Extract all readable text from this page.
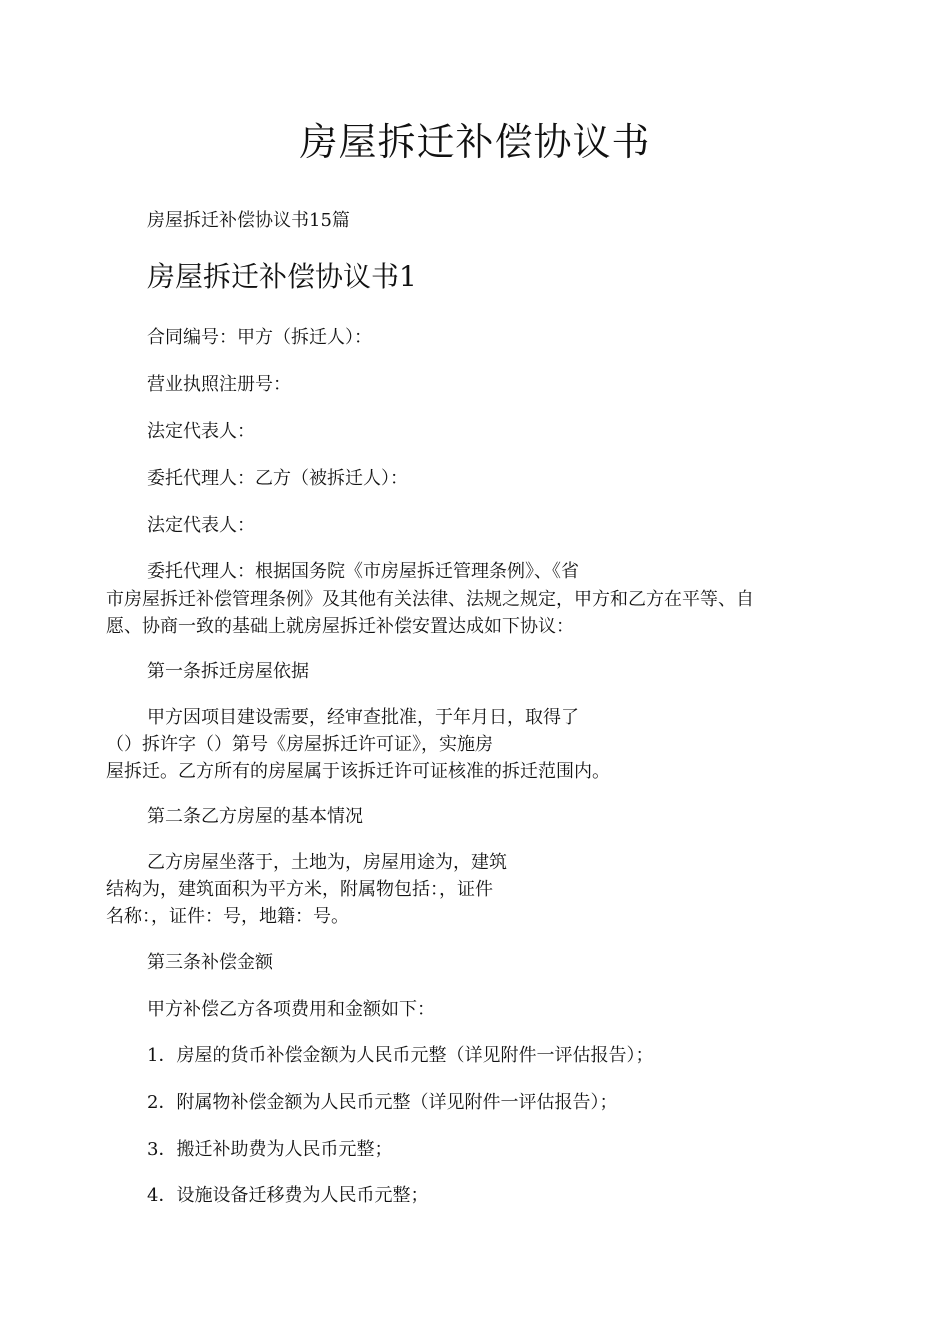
房屋拆迁补偿协议书
房屋拆迁补偿协议书15篇
房屋拆迁补偿协议书1
合同编号：甲方（拆迁人）：
营业执照注册号：
法定代表人：
委托代理人：乙方（被拆迁人）：
法定代表人：
委托代理人：根据国务院《市房屋拆迁管理条例》、《省
市房屋拆迁补偿管理条例》及其他有关法律、法规之规定，甲方和乙方在平等、自
愿、协商一致的基础上就房屋拆迁补偿安置达成如下协议：
第一条拆迁房屋依据
甲方因项目建设需要，经审查批准，于年月日，取得了
（）拆许字（）第号《房屋拆迁许可证》，实施房
屋拆迁。乙方所有的房屋属于该拆迁许可证核准的拆迁范围内。
第二条乙方房屋的基本情况
乙方房屋坐落于，土地为，房屋用途为，建筑
结构为，建筑面积为平方米，附属物包括：，证件
名称：，证件：号，地籍：号。
第三条补偿金额
甲方补偿乙方各项费用和金额如下：
1．房屋的货币补偿金额为人民币元整（详见附件一评估报告）；
2．附属物补偿金额为人民币元整（详见附件一评估报告）；
3．搬迁补助费为人民币元整；
4．设施设备迁移费为人民币元整；
